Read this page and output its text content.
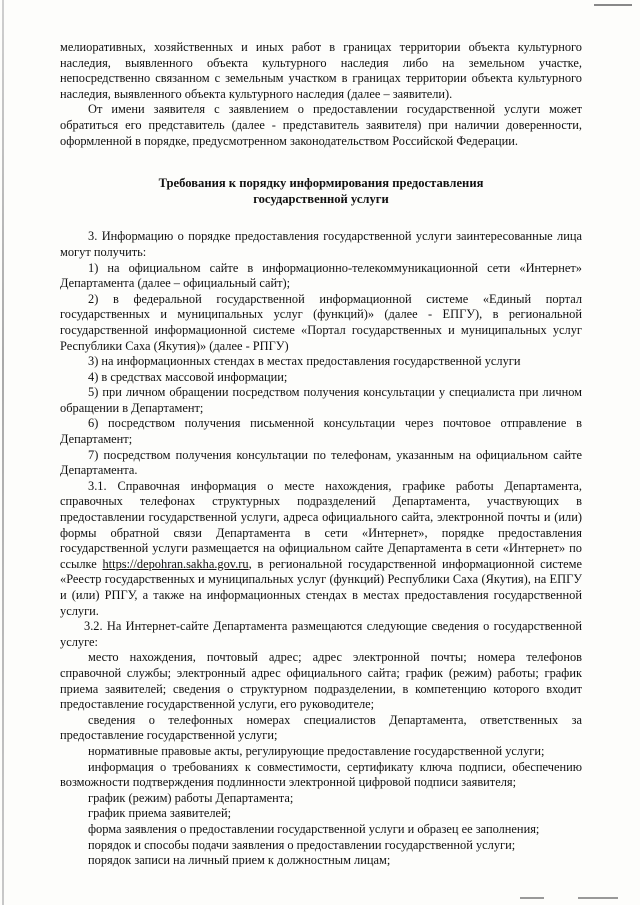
мелиоративных, хозяйственных и иных работ в границах территории объекта культурного наследия, выявленного объекта культурного наследия либо на земельном участке, непосредственно связанном с земельным участком в границах территории объекта культурного наследия, выявленного объекта культурного наследия (далее – заявители).

От имени заявителя с заявлением о предоставлении государственной услуги может обратиться его представитель (далее - представитель заявителя) при наличии доверенности, оформленной в порядке, предусмотренном законодательством Российской Федерации.

Требования к порядку информирования предоставления
государственной услуги

3. Информацию о порядке предоставления государственной услуги заинтересованные лица могут получить:

1) на официальном сайте в информационно-телекоммуникационной сети «Интернет» Департамента (далее – официальный сайт);

2) в федеральной государственной информационной системе «Единый портал государственных и муниципальных услуг (функций)» (далее - ЕПГУ), в региональной государственной информационной системе «Портал государственных и муниципальных услуг Республики Саха (Якутия)» (далее - РПГУ)

3) на информационных стендах в местах предоставления государственной услуги

4) в средствах массовой информации;

5) при личном обращении посредством получения консультации у специалиста при личном обращении в Департамент;

6) посредством получения письменной консультации через почтовое отправление в Департамент;

7) посредством получения консультации по телефонам, указанным на официальном сайте Департамента.

3.1. Справочная информация о месте нахождения, графике работы Департамента, справочных телефонах структурных подразделений Департамента, участвующих в предоставлении государственной услуги, адреса официального сайта, электронной почты и (или) формы обратной связи Департамента в сети «Интернет», порядке предоставления государственной услуги размещается на официальном сайте Департамента в сети «Интернет» по ссылке https://depohran.sakha.gov.ru, в региональной государственной информационной системе «Реестр государственных и муниципальных услуг (функций) Республики Саха (Якутия), на ЕПГУ и (или) РПГУ, а также на информационных стендах в местах предоставления государственной услуги.

3.2. На Интернет-сайте Департамента размещаются следующие сведения о государственной услуге:

место нахождения, почтовый адрес; адрес электронной почты; номера телефонов справочной службы; электронный адрес официального сайта; график (режим) работы; график приема заявителей; сведения о структурном подразделении, в компетенцию которого входит предоставление государственной услуги, его руководителе;

сведения о телефонных номерах специалистов Департамента, ответственных за предоставление государственной услуги;

нормативные правовые акты, регулирующие предоставление государственной услуги;

информация о требованиях к совместимости, сертификату ключа подписи, обеспечению возможности подтверждения подлинности электронной цифровой подписи заявителя;

график (режим) работы Департамента;

график приема заявителей;

форма заявления о предоставлении государственной услуги и образец ее заполнения;

порядок и способы подачи заявления о предоставлении государственной услуги;

порядок записи на личный прием к должностным лицам;
